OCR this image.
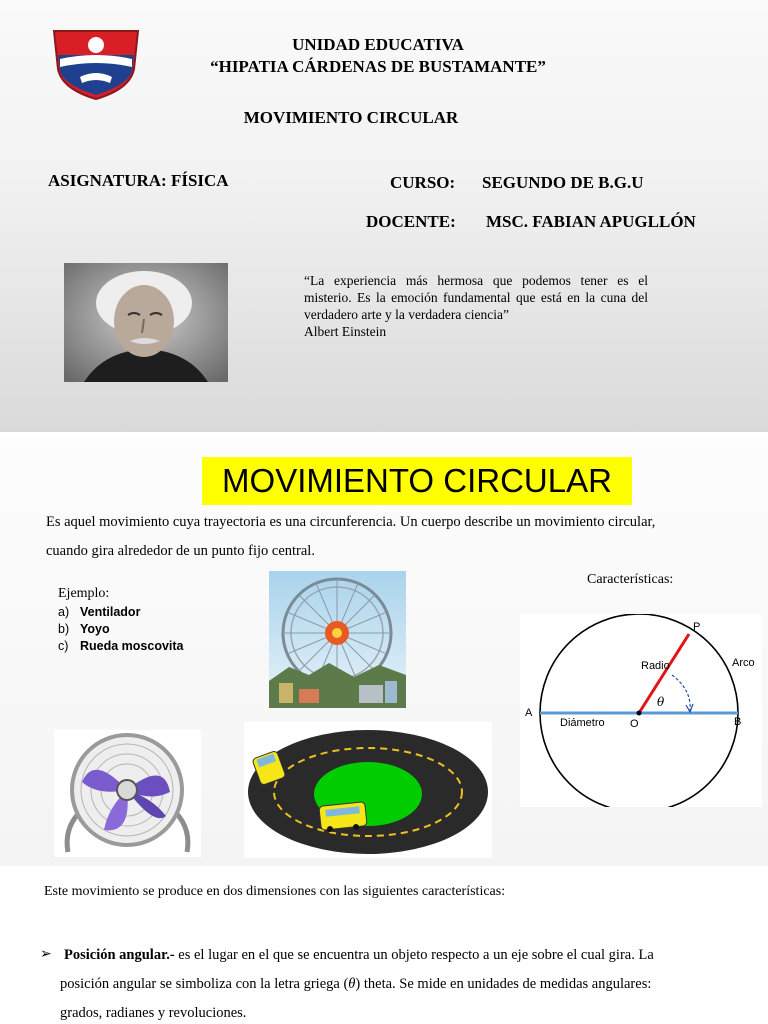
UNIDAD EDUCATIVA
“HIPATIA CÁRDENAS DE BUSTAMANTE”
MOVIMIENTO CIRCULAR
ASIGNATURA: FÍSICA	CURSO: SEGUNDO DE B.G.U
DOCENTE: MSC. FABIAN APUGLLÓN
“La experiencia más hermosa que podemos tener es el misterio. Es la emoción fundamental que está en la cuna del verdadero arte y la verdadera ciencia”
Albert Einstein
MOVIMIENTO CIRCULAR
Es aquel movimiento cuya trayectoria es una circunferencia. Un cuerpo describe un movimiento circular,
cuando gira alrededor de un punto fijo central.
Ejemplo:
a) Ventilador
b) Yoyo
c) Rueda moscovita
Características:
P
Radio	Arco
θ
A
B
O
Diámetro
Este movimiento se produce en dos dimensiones con las siguientes características:
➢ Posición angular.- es el lugar en el que se encuentra un objeto respecto a un eje sobre el cual gira. La
posición angular se simboliza con la letra griega (θ) theta. Se mide en unidades de medidas angulares:
grados, radianes y revoluciones.
